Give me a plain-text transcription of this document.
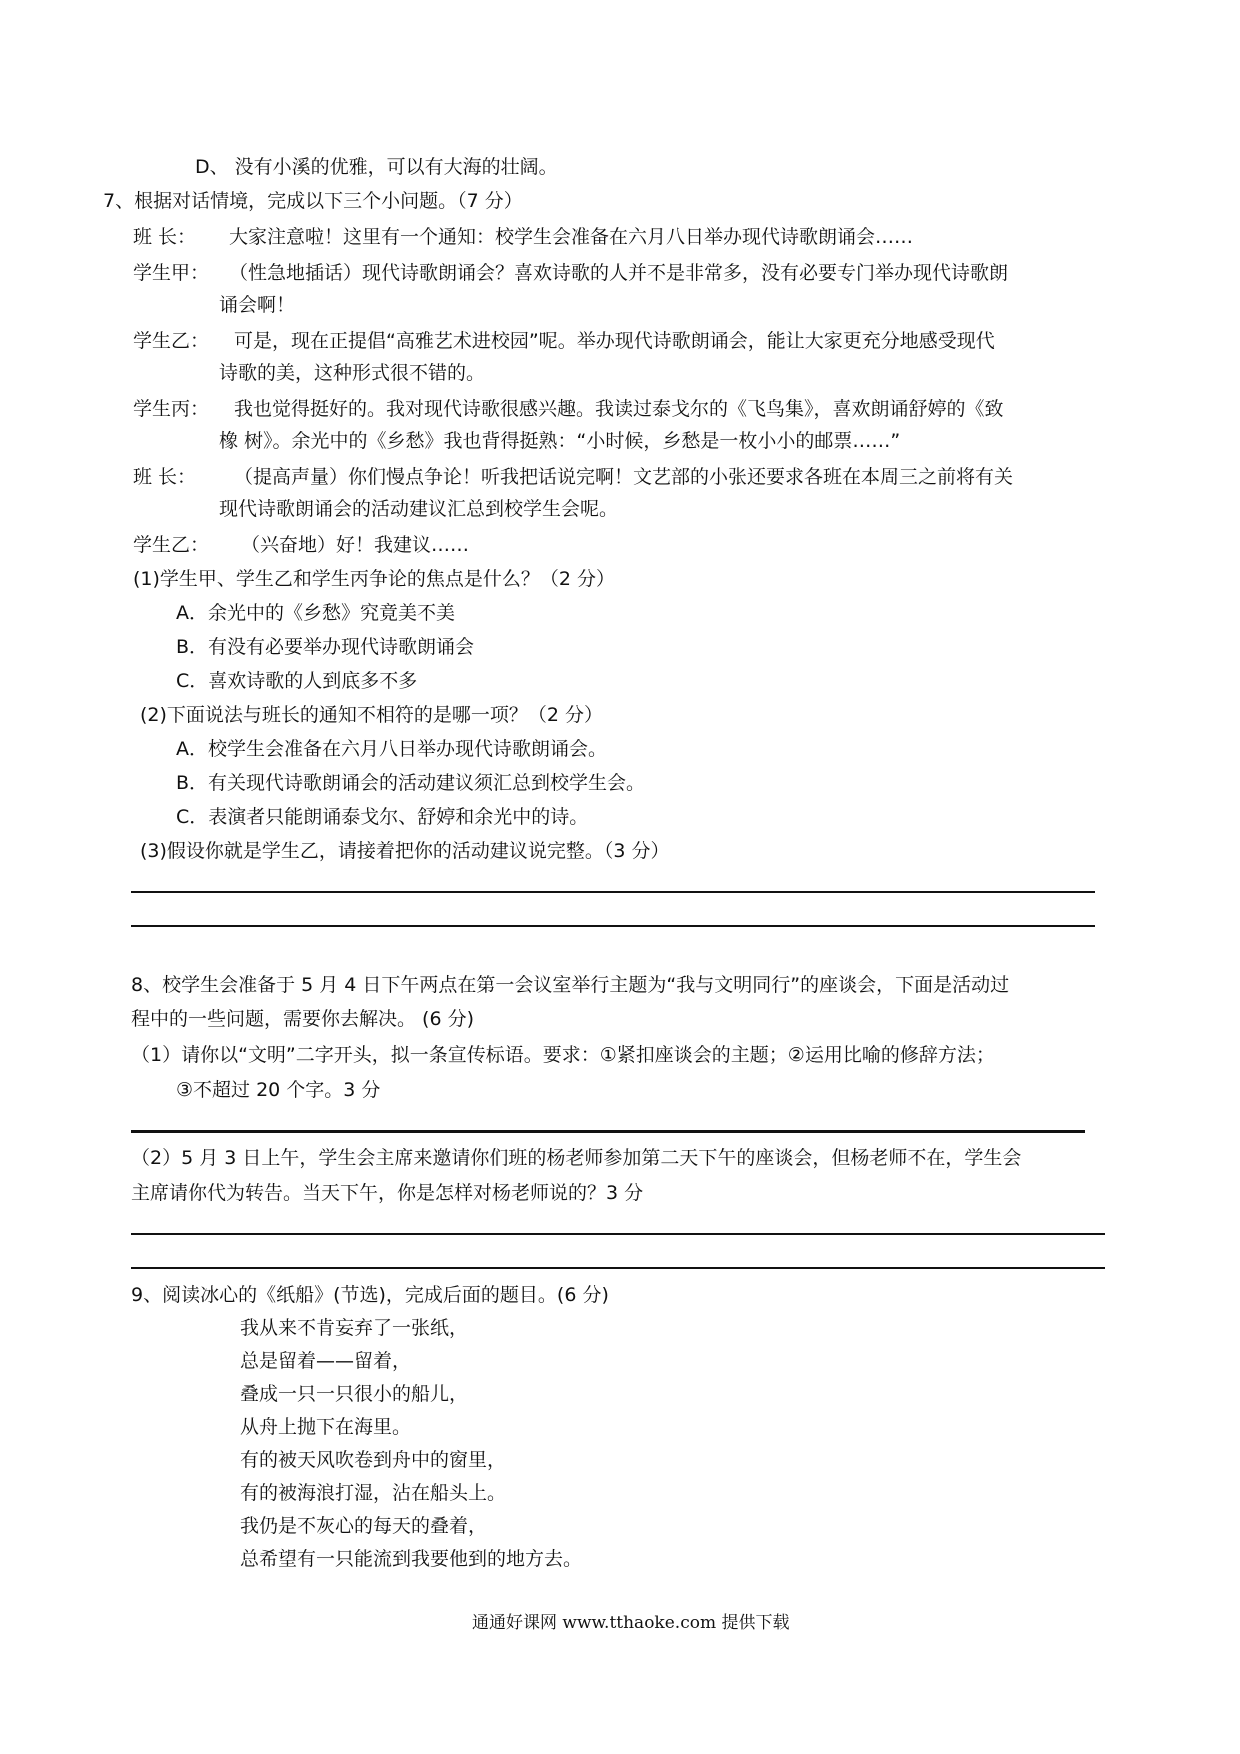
D、 没有小溪的优雅，可以有大海的壮阔。
7、根据对话情境，完成以下三个小问题。（7 分）
班 长： 大家注意啦！这里有一个通知：校学生会准备在六月八日举办现代诗歌朗诵会……
学生甲： （性急地插话）现代诗歌朗诵会？喜欢诗歌的人并不是非常多，没有必要专门举办现代诗歌朗
诵会啊！
学生乙： 可是，现在正提倡“高雅艺术进校园”呢。举办现代诗歌朗诵会，能让大家更充分地感受现代
诗歌的美，这种形式很不错的。
学生丙： 我也觉得挺好的。我对现代诗歌很感兴趣。我读过泰戈尔的《飞鸟集》，喜欢朗诵舒婷的《致
橡 树》。余光中的《乡愁》我也背得挺熟：“小时候，乡愁是一枚小小的邮票……”
班 长： （提高声量）你们慢点争论！听我把话说完啊！文艺部的小张还要求各班在本周三之前将有关
现代诗歌朗诵会的活动建议汇总到校学生会呢。
学生乙： （兴奋地）好！我建议……
(1)学生甲、学生乙和学生丙争论的焦点是什么？（2 分）
A．余光中的《乡愁》究竟美不美
B．有没有必要举办现代诗歌朗诵会
C．喜欢诗歌的人到底多不多
(2)下面说法与班长的通知不相符的是哪一项？（2 分）
A．校学生会准备在六月八日举办现代诗歌朗诵会。
B．有关现代诗歌朗诵会的活动建议须汇总到校学生会。
C．表演者只能朗诵泰戈尔、舒婷和余光中的诗。
(3)假设你就是学生乙，请接着把你的活动建议说完整。（3 分）
8、校学生会准备于 5 月 4 日下午两点在第一会议室举行主题为“我与文明同行”的座谈会，下面是活动过
程中的一些问题，需要你去解决。 (6 分)
（1）请你以“文明”二字开头，拟一条宣传标语。要求：①紧扣座谈会的主题；②运用比喻的修辞方法；
③不超过 20 个字。3 分
（2）5 月 3 日上午，学生会主席来邀请你们班的杨老师参加第二天下午的座谈会，但杨老师不在，学生会
主席请你代为转告。当天下午，你是怎样对杨老师说的？3 分
9、阅读冰心的《纸船》(节选)，完成后面的题目。(6 分)
我从来不肯妄弃了一张纸，
总是留着——留着，
叠成一只一只很小的船儿，
从舟上抛下在海里。
有的被天风吹卷到舟中的窗里，
有的被海浪打湿，沾在船头上。
我仍是不灰心的每天的叠着，
总希望有一只能流到我要他到的地方去。
通通好课网 www.tthaoke.com 提供下载
